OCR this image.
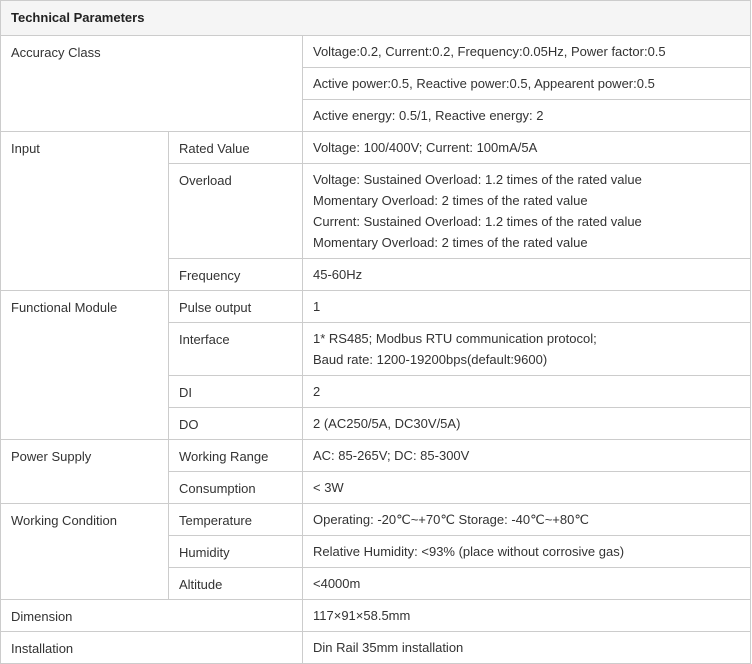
Technical Parameters		
Accuracy Class		Voltage:0.2, Current:0.2, Frequency:0.05Hz, Power factor:0.5
		Active power:0.5, Reactive power:0.5, Appearent power:0.5
		Active energy: 0.5/1, Reactive energy: 2
Input	Rated Value	Voltage: 100/400V; Current: 100mA/5A
	Overload	Voltage: Sustained Overload: 1.2 times of the rated value
Momentary Overload: 2 times of the rated value
Current: Sustained Overload: 1.2 times of the rated value
Momentary Overload: 2 times of the rated value

	Frequency	45-60Hz
Functional Module	Pulse output	1
	Interface	1* RS485; Modbus RTU communication protocol;
Baud rate: 1200-19200bps(default:9600)

	DI	2
	DO	2 (AC250/5A, DC30V/5A)
Power Supply	Working Range	AC: 85-265V; DC: 85-300V
	Consumption	< 3W
Working Condition	Temperature	Operating: -20℃~+70℃ Storage: -40℃~+80℃
	Humidity	Relative Humidity: <93% (place without corrosive gas)
	Altitude	<4000m
Dimension		117×91×58.5mm
Installation		Din Rail 35mm installation
